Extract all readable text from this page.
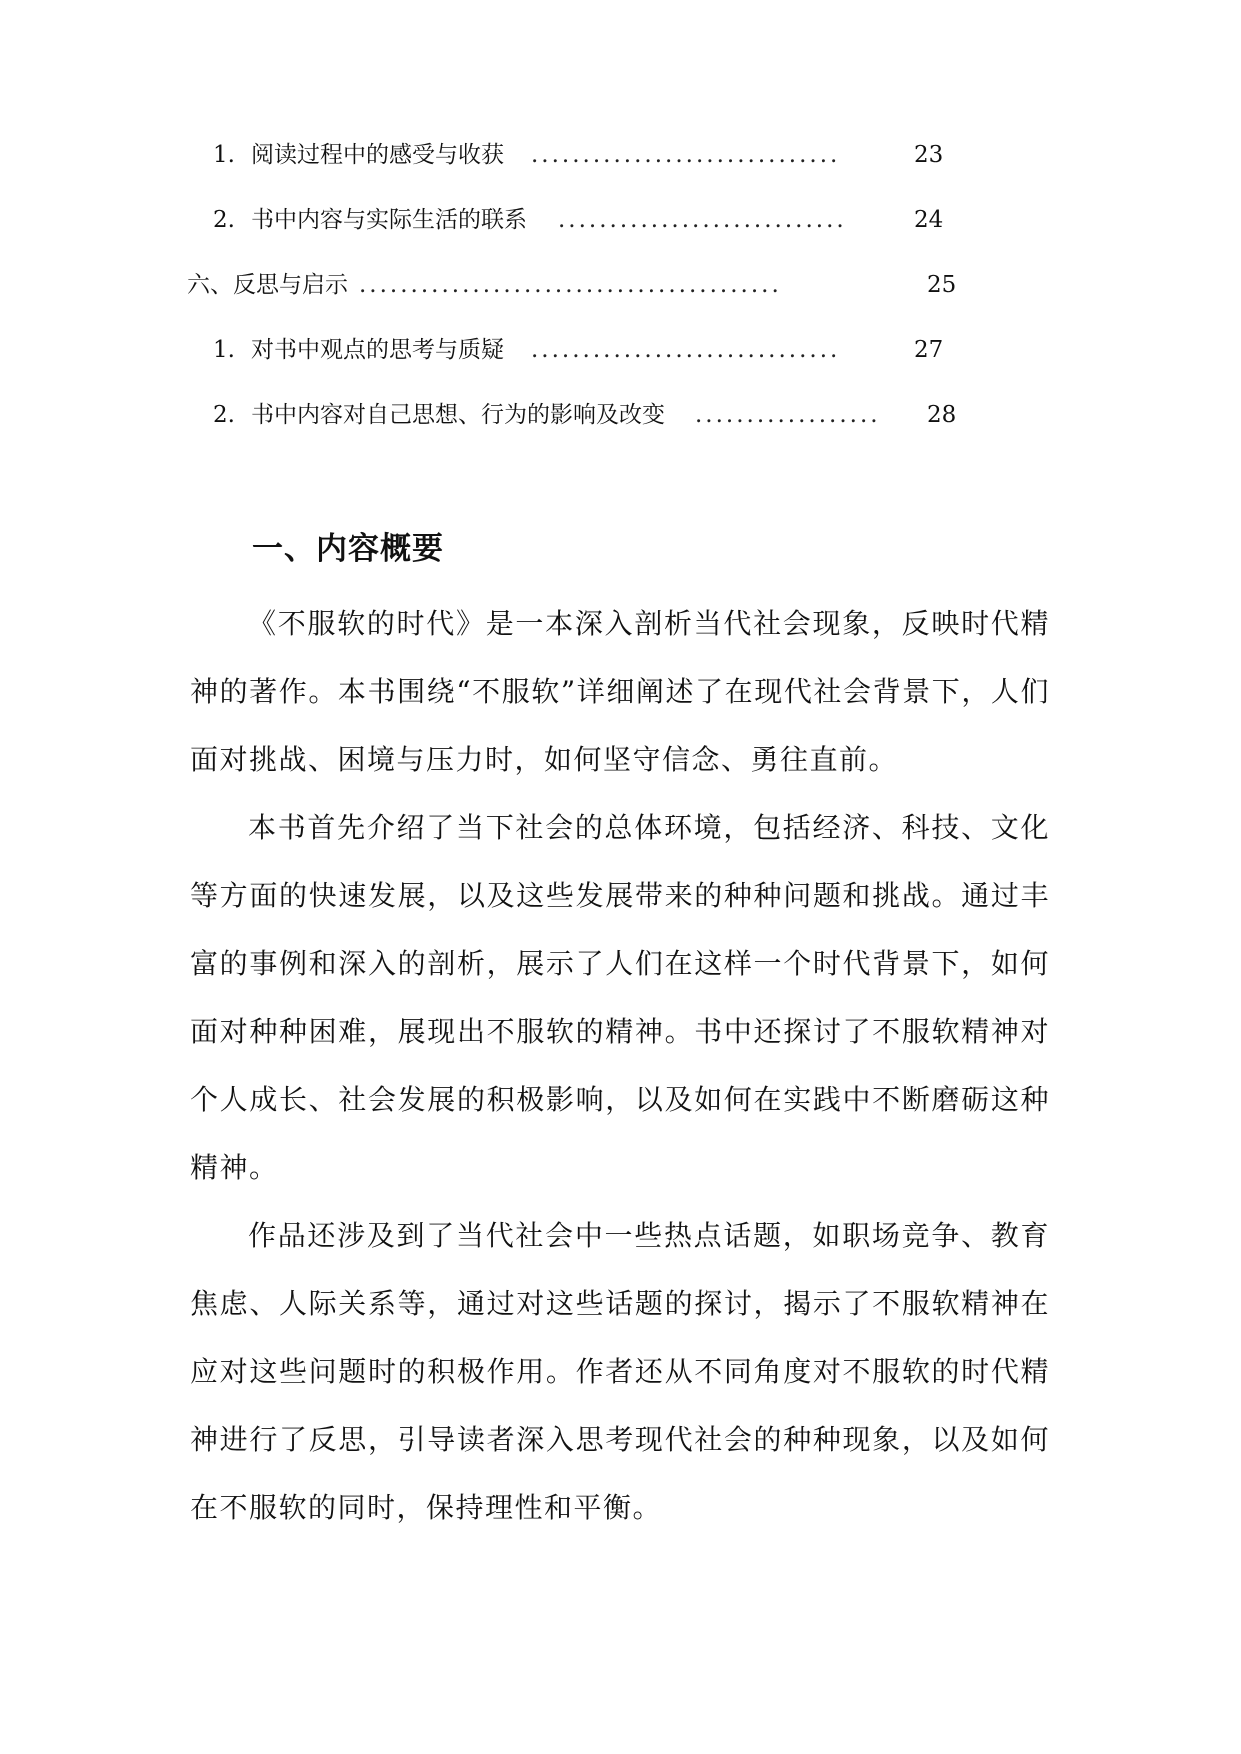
1. 阅读过程中的感受与收获 ..............................	23
2. 书中内容与实际生活的联系 ............................	24
六、反思与启示 .........................................	25
1. 对书中观点的思考与质疑 ..............................	27
2. 书中内容对自己思想、行为的影响及改变 .................. 28
一、内容概要

《不服软的时代》是一本深入剖析当代社会现象，反映时代精神的著作。本书围绕“不服软”详细阐述了在现代社会背景下，人们面对挑战、困境与压力时，如何坚守信念、勇往直前。

本书首先介绍了当下社会的总体环境，包括经济、科技、文化等方面的快速发展，以及这些发展带来的种种问题和挑战。通过丰富的事例和深入的剖析，展示了人们在这样一个时代背景下，如何面对种种困难，展现出不服软的精神。书中还探讨了不服软精神对个人成长、社会发展的积极影响，以及如何在实践中不断磨砺这种精神。

作品还涉及到了当代社会中一些热点话题，如职场竞争、教育焦虑、人际关系等，通过对这些话题的探讨，揭示了不服软精神在应对这些问题时的积极作用。作者还从不同角度对不服软的时代精神进行了反思，引导读者深入思考现代社会的种种现象，以及如何在不服软的同时，保持理性和平衡。
